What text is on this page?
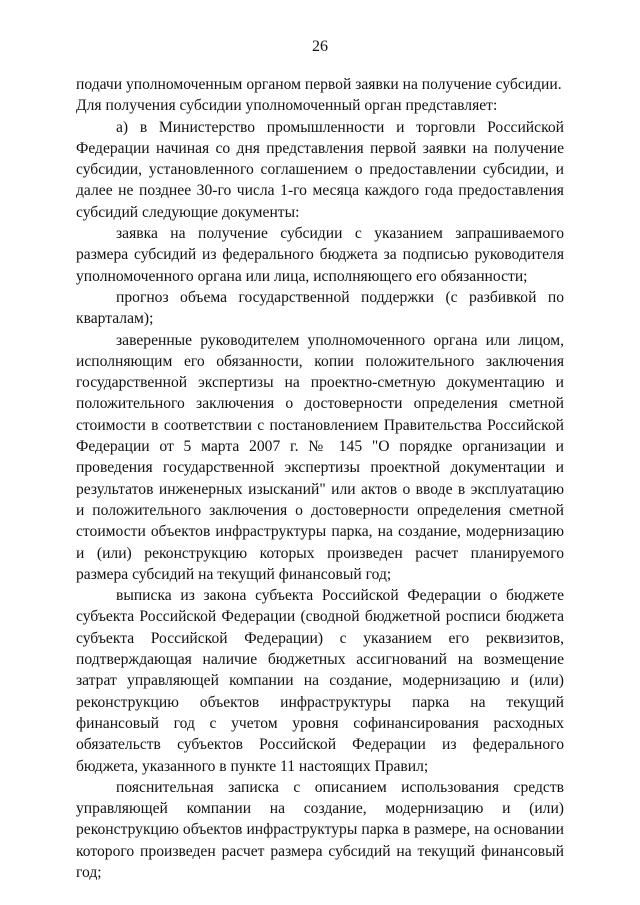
26

подачи уполномоченным органом первой заявки на получение субсидии.

Для получения субсидии уполномоченный орган представляет:

а) в Министерство промышленности и торговли Российской Федерации начиная со дня представления первой заявки на получение субсидии, установленного соглашением о предоставлении субсидии, и далее не позднее 30-го числа 1-го месяца каждого года предоставления субсидий следующие документы:

заявка на получение субсидии с указанием запрашиваемого размера субсидий из федерального бюджета за подписью руководителя уполномоченного органа или лица, исполняющего его обязанности;

прогноз объема государственной поддержки (с разбивкой по кварталам);

заверенные руководителем уполномоченного органа или лицом, исполняющим его обязанности, копии положительного заключения государственной экспертизы на проектно-сметную документацию и положительного заключения о достоверности определения сметной стоимости в соответствии с постановлением Правительства Российской Федерации от 5 марта 2007 г. № 145 "О порядке организации и проведения государственной экспертизы проектной документации и результатов инженерных изысканий" или актов о вводе в эксплуатацию и положительного заключения о достоверности определения сметной стоимости объектов инфраструктуры парка, на создание, модернизацию и (или) реконструкцию которых произведен расчет планируемого размера субсидий на текущий финансовый год;

выписка из закона субъекта Российской Федерации о бюджете субъекта Российской Федерации (сводной бюджетной росписи бюджета субъекта Российской Федерации) с указанием его реквизитов, подтверждающая наличие бюджетных ассигнований на возмещение затрат управляющей компании на создание, модернизацию и (или) реконструкцию объектов инфраструктуры парка на текущий финансовый год с учетом уровня софинансирования расходных обязательств субъектов Российской Федерации из федерального бюджета, указанного в пункте 11 настоящих Правил;

пояснительная записка с описанием использования средств управляющей компании на создание, модернизацию и (или) реконструкцию объектов инфраструктуры парка в размере, на основании которого произведен расчет размера субсидий на текущий финансовый год;
